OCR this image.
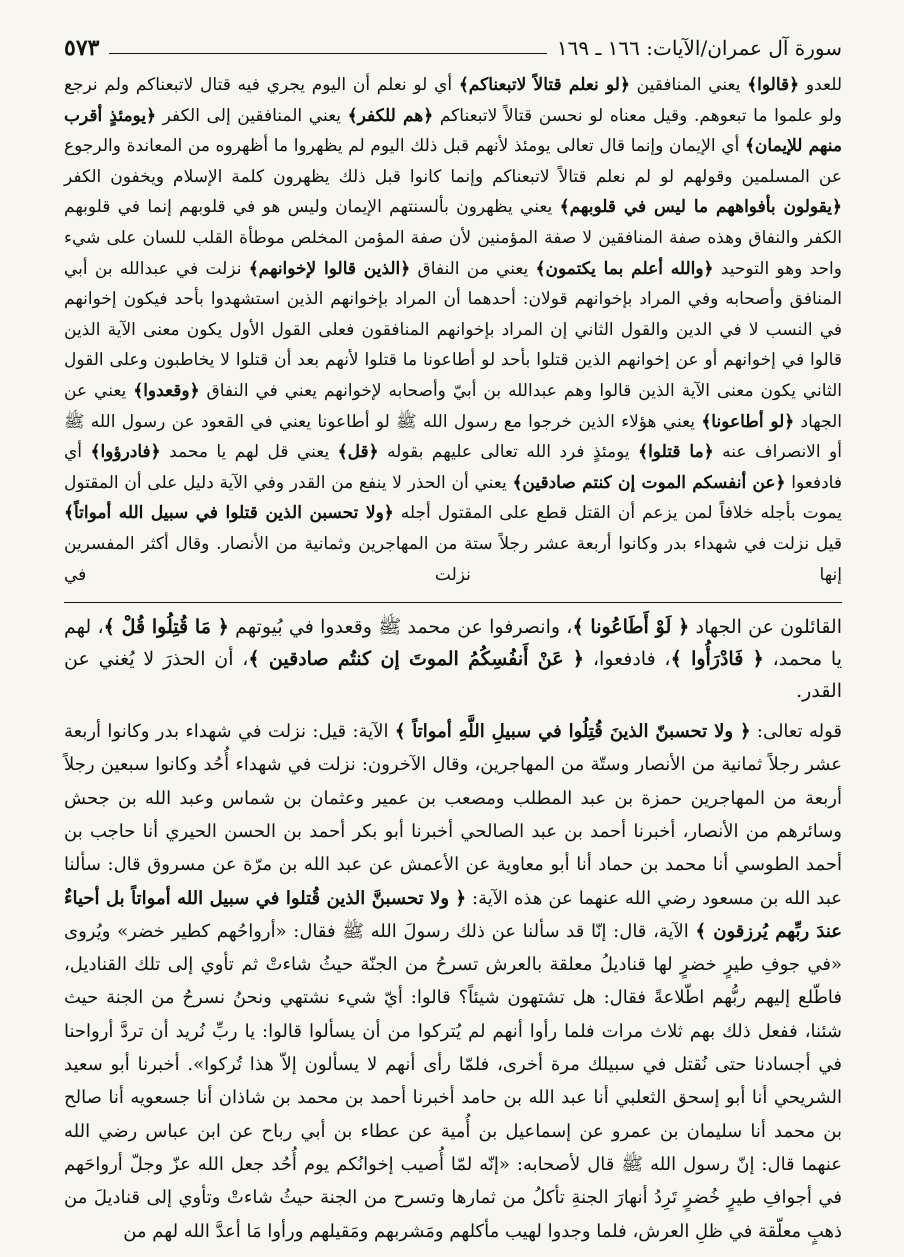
سورة آل عمران/الآيات: ١٦٦ ـ ١٦٩
٥٧٣

للعدو ﴿قالوا﴾ يعني المنافقين ﴿لو نعلم قتالاً لاتبعناكم﴾ أي لو نعلم أن اليوم يجري فيه قتال لاتبعناكم ولم نرجع ولو علموا ما تبعوهم. وقيل معناه لو نحسن قتالاً لاتبعناكم ﴿هم للكفر﴾ يعني المنافقين إلى الكفر ﴿يومئذٍ أقرب منهم للإيمان﴾ أي الإيمان وإنما قال تعالى يومئذ لأنهم قبل ذلك اليوم لم يظهروا ما أظهروه من المعاندة والرجوع عن المسلمين وقولهم لو لم نعلم قتالاً لاتبعناكم وإنما كانوا قبل ذلك يظهرون كلمة الإسلام ويخفون الكفر ﴿يقولون بأفواههم ما ليس في قلوبهم﴾ يعني يظهرون بألسنتهم الإيمان وليس هو في قلوبهم إنما في قلوبهم الكفر والنفاق وهذه صفة المنافقين لا صفة المؤمنين لأن صفة المؤمن المخلص موطأة القلب للسان على شيء واحد وهو التوحيد ﴿والله أعلم بما يكتمون﴾ يعني من النفاق ﴿الذين قالوا لإخوانهم﴾ نزلت في عبدالله بن أبي المنافق وأصحابه وفي المراد بإخوانهم قولان: أحدهما أن المراد بإخوانهم الذين استشهدوا بأحد فيكون إخوانهم في النسب لا في الدين والقول الثاني إن المراد بإخوانهم المنافقون فعلى القول الأول يكون معنى الآية الذين قالوا في إخوانهم أو عن إخوانهم الذين قتلوا بأحد لو أطاعونا ما قتلوا لأنهم بعد أن قتلوا لا يخاطبون وعلى القول الثاني يكون معنى الآية الذين قالوا وهم عبدالله بن أبيّ وأصحابه لإخوانهم يعني في النفاق ﴿وقعدوا﴾ يعني عن الجهاد ﴿لو أطاعونا﴾ يعني هؤلاء الذين خرجوا مع رسول الله ﷺ لو أطاعونا يعني في القعود عن رسول الله ﷺ أو الانصراف عنه ﴿ما قتلوا﴾ يومئذٍ فرد الله تعالى عليهم بقوله ﴿قل﴾ يعني قل لهم يا محمد ﴿فادرؤوا﴾ أي فادفعوا ﴿عن أنفسكم الموت إن كنتم صادقين﴾ يعني أن الحذر لا ينفع من القدر وفي الآية دليل على أن المقتول يموت بأجله خلافاً لمن يزعم أن القتل قطع على المقتول أجله ﴿ولا تحسبن الذين قتلوا في سبيل الله أمواتاً﴾ قيل نزلت في شهداء بدر وكانوا أربعة عشر رجلاً ستة من المهاجرين وثمانية من الأنصار. وقال أكثر المفسرين إنها نزلت في

القائلون عن الجهاد ﴿ لَوْ أَطَاعُونا ﴾، وانصرفوا عن محمد ﷺ وقعدوا في بُيوتهم ﴿ مَا قُتِلُوا قُلْ ﴾، لهم يا محمد، ﴿ فَادْرَأُوا ﴾، فادفعوا، ﴿ عَنْ أَنفُسِكُمُ الموتَ إن كنتُم صادقين ﴾، أن الحذرَ لا يُغني عن القدر.

قوله تعالى: ﴿ ولا تحسبنّ الذينَ قُتِلُوا في سبيلِ اللَّهِ أمواتاً ﴾ الآية: قيل: نزلت في شهداء بدر وكانوا أربعة عشر رجلاً ثمانية من الأنصار وستّة من المهاجرين، وقال الآخرون: نزلت في شهداء أُحُد وكانوا سبعين رجلاً أربعة من المهاجرين حمزة بن عبد المطلب ومصعب بن عمير وعثمان بن شماس وعبد الله بن جحش وسائرهم من الأنصار، أخبرنا أحمد بن عبد الصالحي أخبرنا أبو بكر أحمد بن الحسن الحيري أنا حاجب بن أحمد الطوسي أنا محمد بن حماد أنا أبو معاوية عن الأعمش عن عبد الله بن مرّة عن مسروق قال: سألنا عبد الله بن مسعود رضي الله عنهما عن هذه الآية: ﴿ ولا تحسبنَّ الذين قُتلوا في سبيل الله أمواتاً بل أحياءٌ عندَ ربِّهم يُرزقون ﴾ الآية، قال: إنّا قد سألنا عن ذلك رسولَ الله ﷺ فقال: «أرواحُهم كطير خضر» ويُروى «في جوفِ طيرٍ خضرٍ لها قناديلُ معلقة بالعرش تسرحُ من الجنّة حيثُ شاءتْ ثم تأوي إلى تلك القناديل، فاطّلع إليهم ربُّهم اطّلاعةً فقال: هل تشتهون شيئاً؟ قالوا: أيّ شيء نشتهي ونحنُ نسرحُ من الجنة حيث شئنا، ففعل ذلك بهم ثلاث مرات فلما رأوا أنهم لم يُتركوا من أن يسألوا قالوا: يا ربِّ نُريد أن تردَّ أرواحنا في أجسادنا حتى نُقتل في سبيلك مرة أخرى، فلمّا رأى أنهم لا يسألون إلاّ هذا تُركوا». أخبرنا أبو سعيد الشريحي أنا أبو إسحق الثعلبي أنا عبد الله بن حامد أخبرنا أحمد بن محمد بن شاذان أنا جسعويه أنا صالح بن محمد أنا سليمان بن عمرو عن إسماعيل بن أُمية عن عطاء بن أبي رباح عن ابن عباس رضي الله عنهما قال: إنّ رسول الله ﷺ قال لأصحابه: «إنّه لمّا أُصيب إخوانُكم يوم أُحُد جعل الله عزّ وجلّ أرواحَهم في أجوافِ طيرٍ خُضرٍ تَرِدُ أنهارَ الجنةِ تأكلُ من ثمارها وتسرح من الجنة حيثُ شاءتْ وتأوي إلى قناديلَ من ذهبٍ معلّقة في ظلِ العرش، فلما وجدوا لهيب مأكلهم ومَشربهم ومَقيلهم ورأوا مَا أعدَّ الله لهم من
